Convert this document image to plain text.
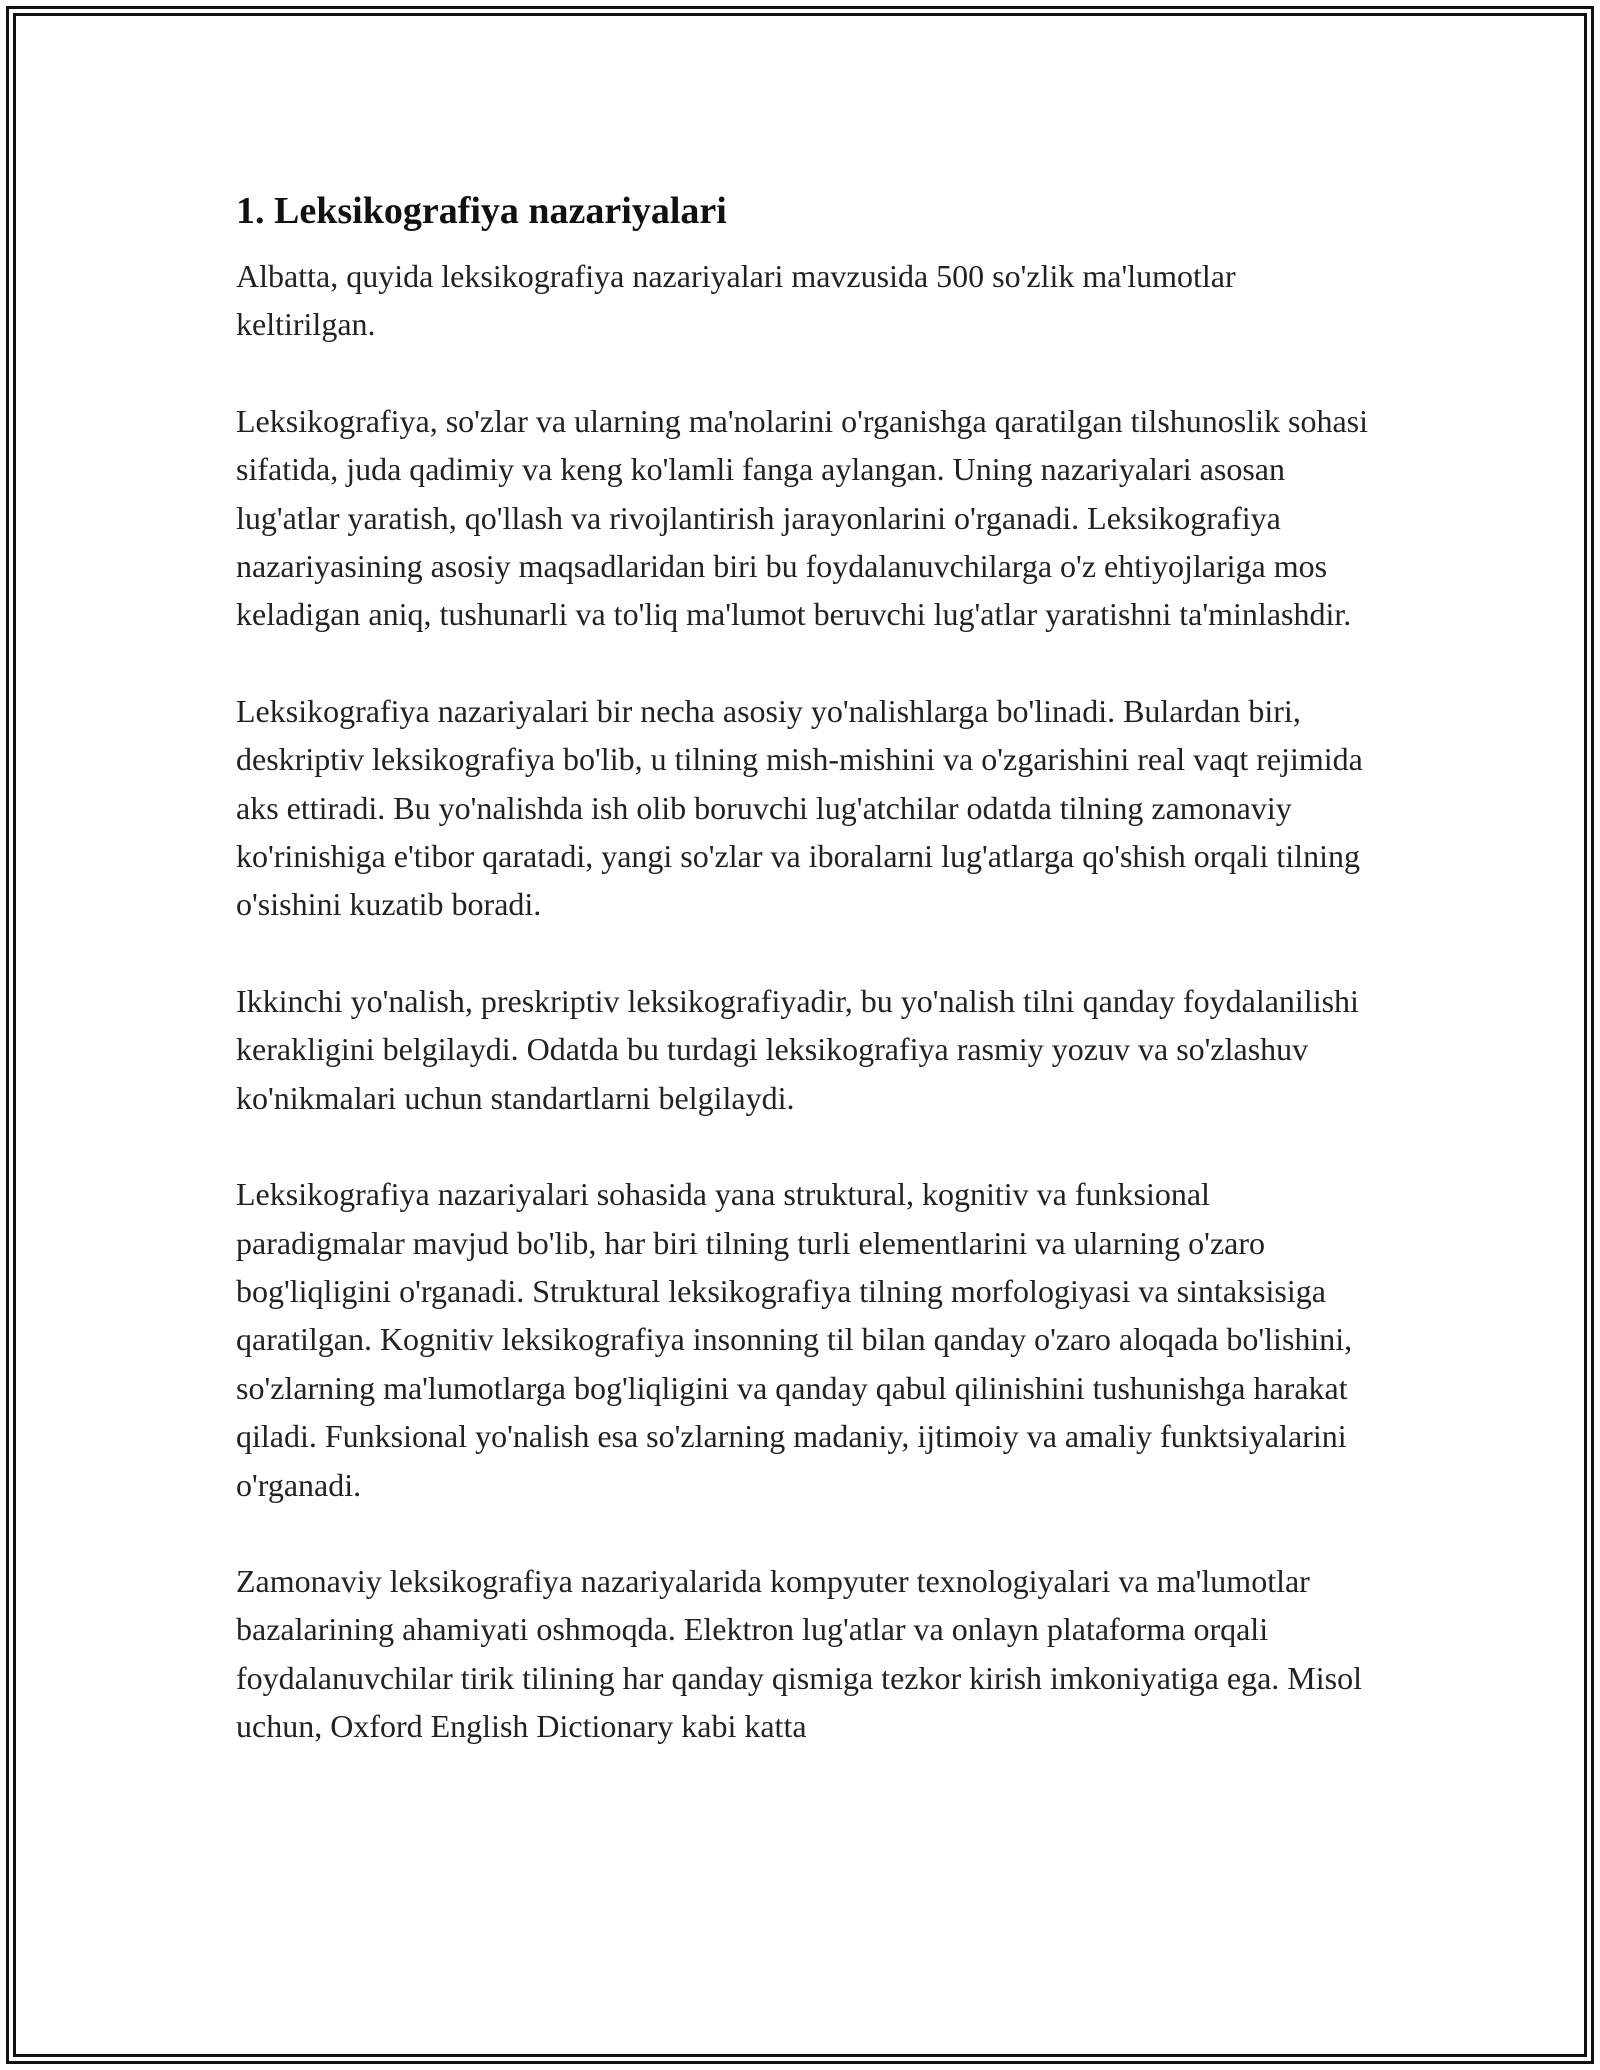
1. Leksikografiya nazariyalari

Albatta, quyida leksikografiya nazariyalari mavzusida 500 so'zlik ma'lumotlar keltirilgan.

Leksikografiya, so'zlar va ularning ma'nolarini o'rganishga qaratilgan tilshunoslik sohasi sifatida, juda qadimiy va keng ko'lamli fanga aylangan. Uning nazariyalari asosan lug'atlar yaratish, qo'llash va rivojlantirish jarayonlarini o'rganadi. Leksikografiya nazariyasining asosiy maqsadlaridan biri bu foydalanuvchilarga o'z ehtiyojlariga mos keladigan aniq, tushunarli va to'liq ma'lumot beruvchi lug'atlar yaratishni ta'minlashdir.

Leksikografiya nazariyalari bir necha asosiy yo'nalishlarga bo'linadi. Bulardan biri, deskriptiv leksikografiya bo'lib, u tilning mish-mishini va o'zgarishini real vaqt rejimida aks ettiradi. Bu yo'nalishda ish olib boruvchi lug'atchilar odatda tilning zamonaviy ko'rinishiga e'tibor qaratadi, yangi so'zlar va iboralarni lug'atlarga qo'shish orqali tilning o'sishini kuzatib boradi.

Ikkinchi yo'nalish, preskriptiv leksikografiyadir, bu yo'nalish tilni qanday foydalanilishi kerakligini belgilaydi. Odatda bu turdagi leksikografiya rasmiy yozuv va so'zlashuv ko'nikmalari uchun standartlarni belgilaydi.

Leksikografiya nazariyalari sohasida yana struktural, kognitiv va funksional paradigmalar mavjud bo'lib, har biri tilning turli elementlarini va ularning o'zaro bog'liqligini o'rganadi. Struktural leksikografiya tilning morfologiyasi va sintaksisiga qaratilgan. Kognitiv leksikografiya insonning til bilan qanday o'zaro aloqada bo'lishini, so'zlarning ma'lumotlarga bog'liqligini va qanday qabul qilinishini tushunishga harakat qiladi. Funksional yo'nalish esa so'zlarning madaniy, ijtimoiy va amaliy funktsiyalarini o'rganadi.

Zamonaviy leksikografiya nazariyalarida kompyuter texnologiyalari va ma'lumotlar bazalarining ahamiyati oshmoqda. Elektron lug'atlar va onlayn plataforma orqali foydalanuvchilar tirik tilining har qanday qismiga tezkor kirish imkoniyatiga ega. Misol uchun, Oxford English Dictionary kabi katta
